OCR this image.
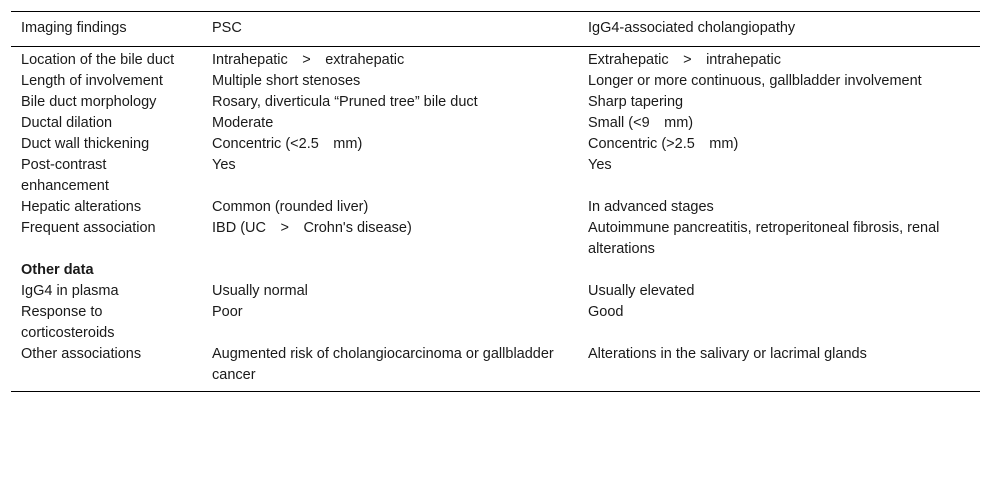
Imaging findings	PSC	IgG4-associated cholangiopathy
Location of the bile duct	Intrahepatic > extrahepatic	Extrahepatic > intrahepatic
Length of involvement	Multiple short stenoses	Longer or more continuous, gallbladder involvement
Bile duct morphology	Rosary, diverticula “Pruned tree” bile duct	Sharp tapering
Ductal dilation	Moderate	Small (<9 mm)
Duct wall thickening	Concentric (<2.5 mm)	Concentric (>2.5 mm)
Post-contrast enhancement	Yes	Yes
Hepatic alterations	Common (rounded liver)	In advanced stages
Frequent association	IBD (UC > Crohn's disease)	Autoimmune pancreatitis, retroperitoneal fibrosis, renal alterations
Other data		
IgG4 in plasma	Usually normal	Usually elevated
Response to corticosteroids	Poor	Good
Other associations	Augmented risk of cholangiocarcinoma or gallbladder cancer	Alterations in the salivary or lacrimal glands
